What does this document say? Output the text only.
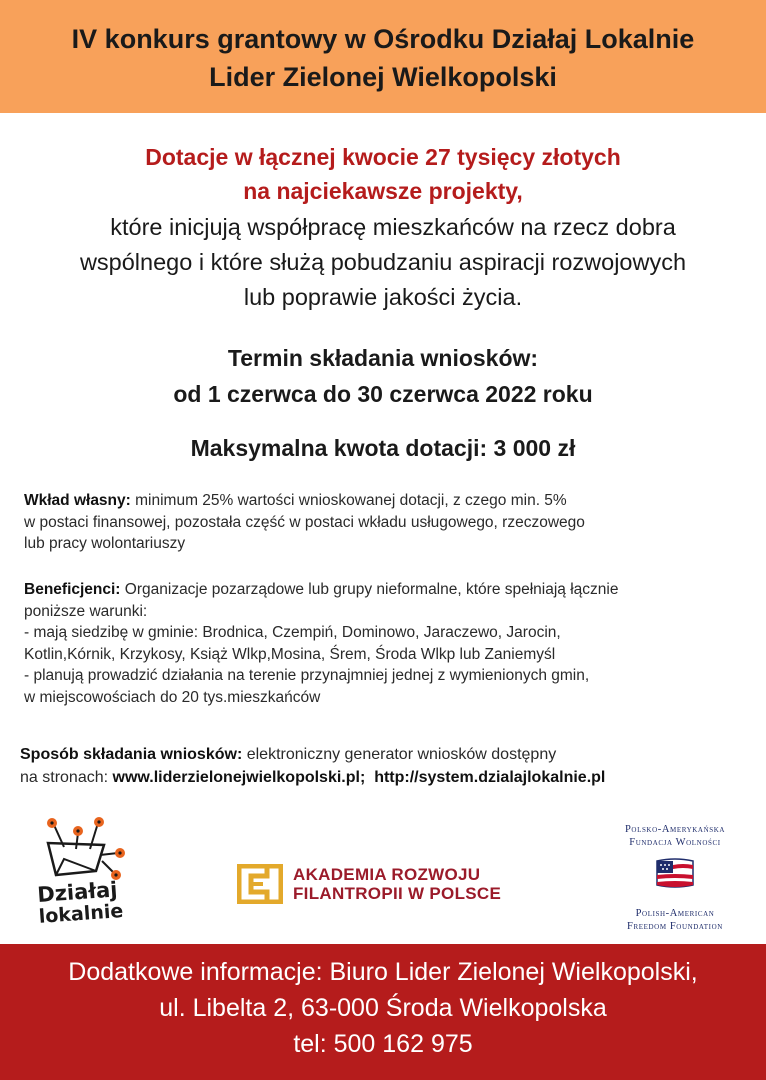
IV konkurs grantowy w Ośrodku Działaj Lokalnie
Lider Zielonej Wielkopolski
Dotacje w łącznej kwocie 27 tysięcy złotych
na najciekawsze projekty,
które inicjują współpracę mieszkańców na rzecz dobra
wspólnego i które służą pobudzaniu aspiracji rozwojowych
lub poprawie jakości życia.
Termin składania wniosków:
od 1 czerwca do 30 czerwca 2022 roku
Maksymalna kwota dotacji: 3 000 zł
Wkład własny: minimum 25% wartości wnioskowanej dotacji, z czego min. 5%
w postaci finansowej, pozostała część w postaci wkładu usługowego, rzeczowego
lub pracy wolontariuszy
Beneficjenci: Organizacje pozarządowe lub grupy nieformalne, które spełniają łącznie
poniższe warunki:
- mają siedzibę w gminie: Brodnica, Czempiń, Dominowo, Jaraczewo, Jarocin,
Kotlin,Kórnik, Krzykosy, Książ Wlkp,Mosina, Śrem, Środa Wlkp lub Zaniemyśl
- planują prowadzić działania na terenie przynajmniej jednej z wymienionych gmin,
w miejscowościach do 20 tys.mieszkańców
Sposób składania wniosków: elektroniczny generator wniosków dostępny
na stronach: www.liderzielonejwielkopolski.pl; http://system.dzialajlokalnie.pl
Działaj
lokalnie
AKADEMIA ROZWOJU
FILANTROPII W POLSCE
Polsko-Amerykańska
Fundacja Wolności
Polish-American
Freedom Foundation
Dodatkowe informacje: Biuro Lider Zielonej Wielkopolski,
ul. Libelta 2, 63-000 Środa Wielkopolska
tel: 500 162 975
